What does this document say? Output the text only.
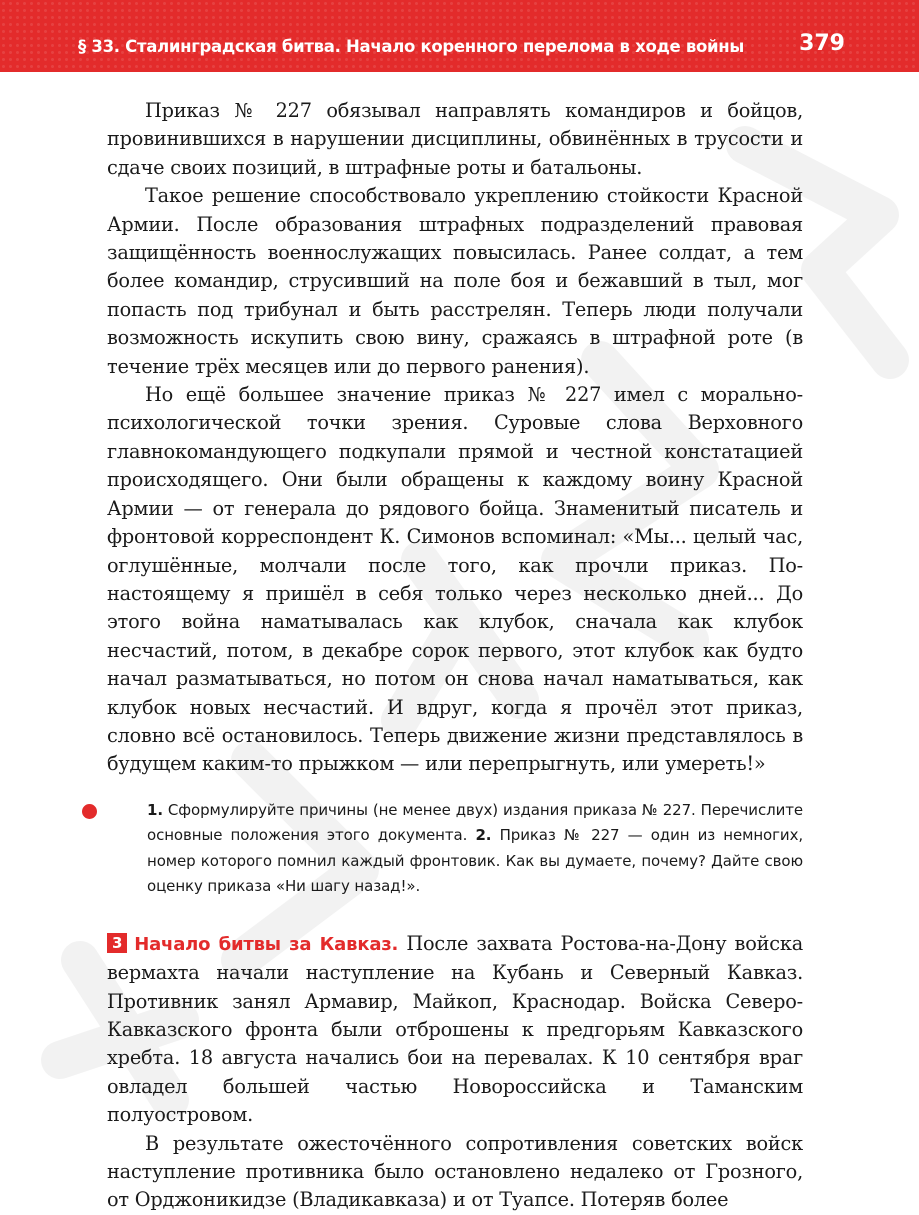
§ 33. Сталинградская битва. Начало коренного перелома в ходе войны	379

Приказ № 227 обязывал направлять командиров и бойцов, провинившихся в нарушении дисциплины, обвинённых в трусости и сдаче своих позиций, в штрафные роты и батальоны.

Такое решение способствовало укреплению стойкости Красной Армии. После образования штрафных подразделений правовая защищённость военнослужащих повысилась. Ранее солдат, а тем более командир, струсивший на поле боя и бежавший в тыл, мог попасть под трибунал и быть расстрелян. Теперь люди получали возможность искупить свою вину, сражаясь в штрафной роте (в течение трёх месяцев или до первого ранения).

Но ещё большее значение приказ № 227 имел с морально-психологической точки зрения. Суровые слова Верховного главнокомандующего подкупали прямой и честной констатацией происходящего. Они были обращены к каждому воину Красной Армии — от генерала до рядового бойца. Знаменитый писатель и фронтовой корреспондент К. Симонов вспоминал: «Мы... целый час, оглушённые, молчали после того, как прочли приказ. По-настоящему я пришёл в себя только через несколько дней... До этого война наматывалась как клубок, сначала как клубок несчастий, потом, в декабре сорок первого, этот клубок как будто начал разматываться, но потом он снова начал наматываться, как клубок новых несчастий. И вдруг, когда я прочёл этот приказ, словно всё остановилось. Теперь движение жизни представлялось в будущем каким-то прыжком — или перепрыгнуть, или умереть!»

1. Сформулируйте причины (не менее двух) издания приказа № 227. Перечислите основные положения этого документа. 2. Приказ № 227 — один из немногих, номер которого помнил каждый фронтовик. Как вы думаете, почему? Дайте свою оценку приказа «Ни шагу назад!».

3 Начало битвы за Кавказ. После захвата Ростова-на-Дону войска вермахта начали наступление на Кубань и Северный Кавказ. Противник занял Армавир, Майкоп, Краснодар. Войска Северо-Кавказского фронта были отброшены к предгорьям Кавказского хребта. 18 августа начались бои на перевалах. К 10 сентября враг овладел большей частью Новороссийска и Таманским полуостровом.

В результате ожесточённого сопротивления советских войск наступление противника было остановлено недалеко от Грозного, от Орджоникидзе (Владикавказа) и от Туапсе. Потеряв более
